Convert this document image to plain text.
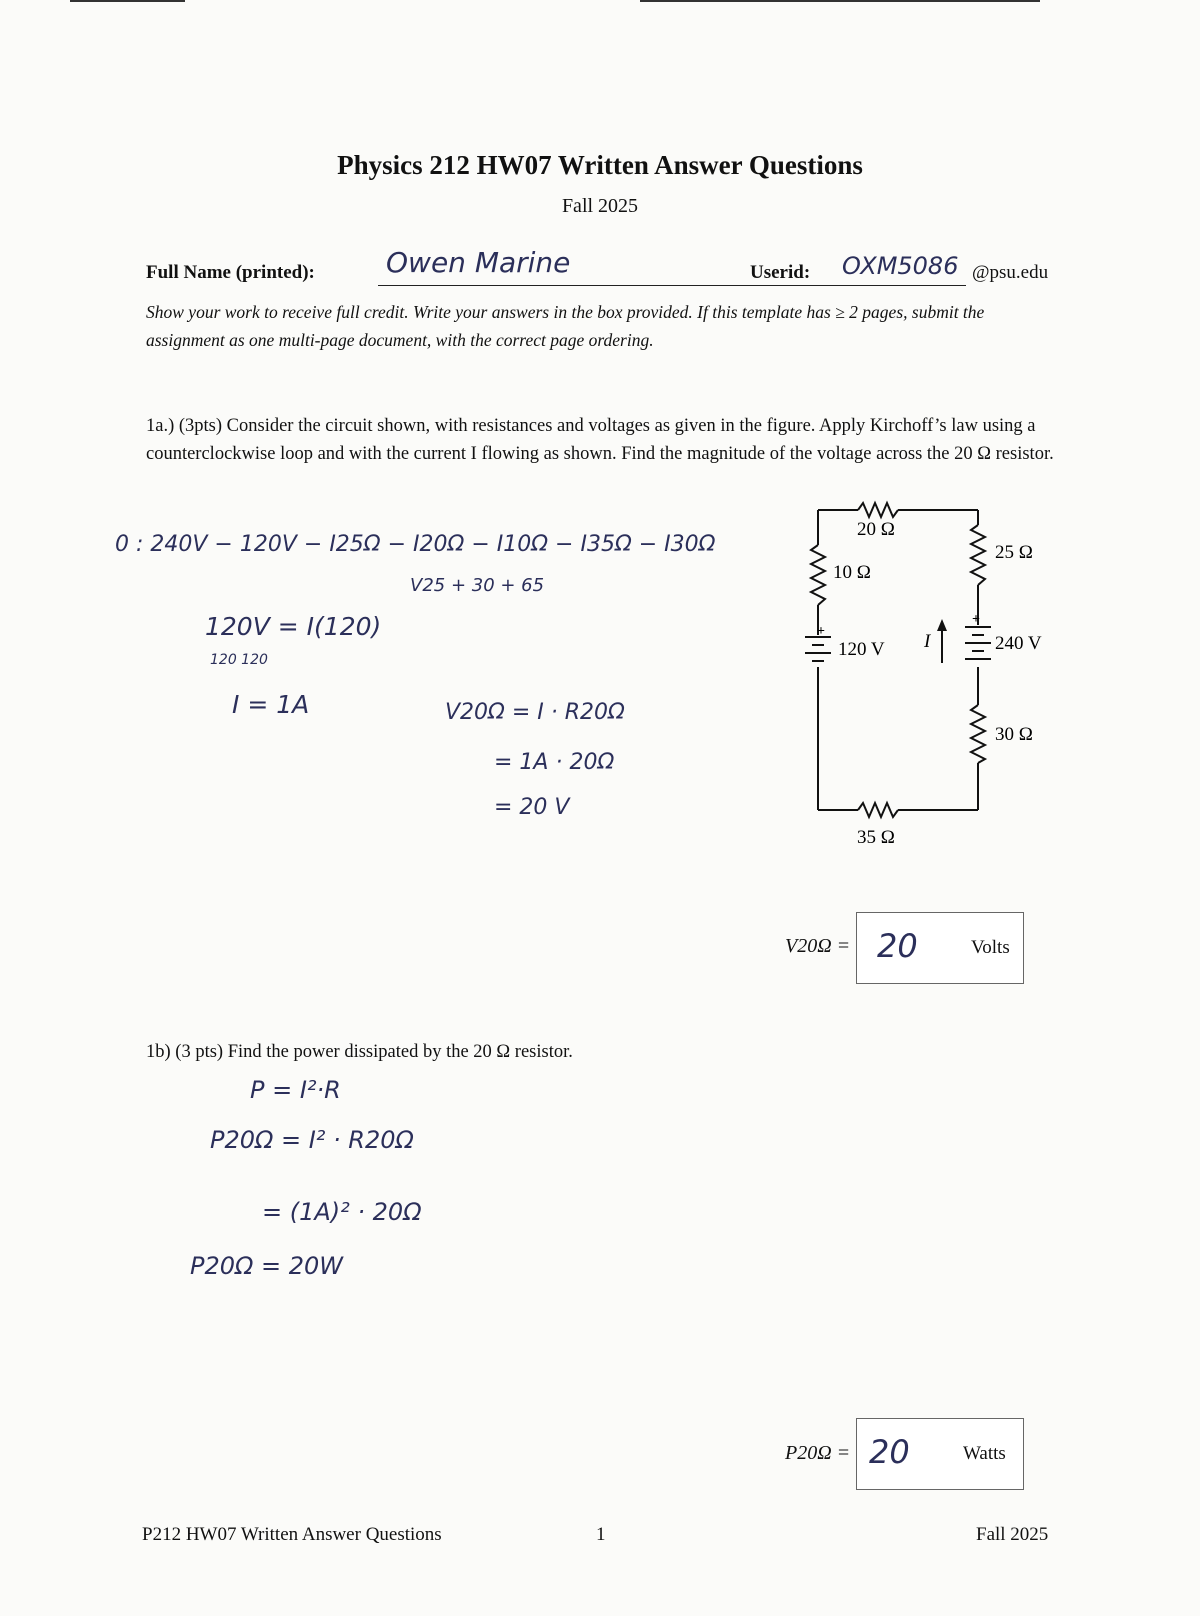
Physics 212 HW07 Written Answer Questions
Fall 2025
Full Name (printed):	Owen Marine	Userid: OXM5086 @psu.edu
Show your work to receive full credit. Write your answers in the box provided. If this template has ≥ 2 pages, submit the assignment as one multi-page document, with the correct page ordering.
1a.) (3pts) Consider the circuit shown, with resistances and voltages as given in the figure. Apply Kirchoff’s law using a counterclockwise loop and with the current I flowing as shown. Find the magnitude of the voltage across the 20 Ω resistor.
0 : 240V − 120V − I25Ω − I20Ω − I10Ω − I35Ω − I30Ω
V25 + 30 + 65
120V = I(120)
120 120
I = 1A	V20Ω = I · R20Ω
= 1A · 20Ω
= 20 V
+
+
20 Ω
25 Ω
10 Ω
120 V I	240 V
30 Ω
35 Ω
V20Ω = 20	Volts
1b) (3 pts) Find the power dissipated by the 20 Ω resistor.
P = I²·R
P20Ω = I² · R20Ω
= (1A)² · 20Ω
P20Ω = 20W
P20Ω = 20	Watts
P212 HW07 Written Answer Questions	1	Fall 2025
